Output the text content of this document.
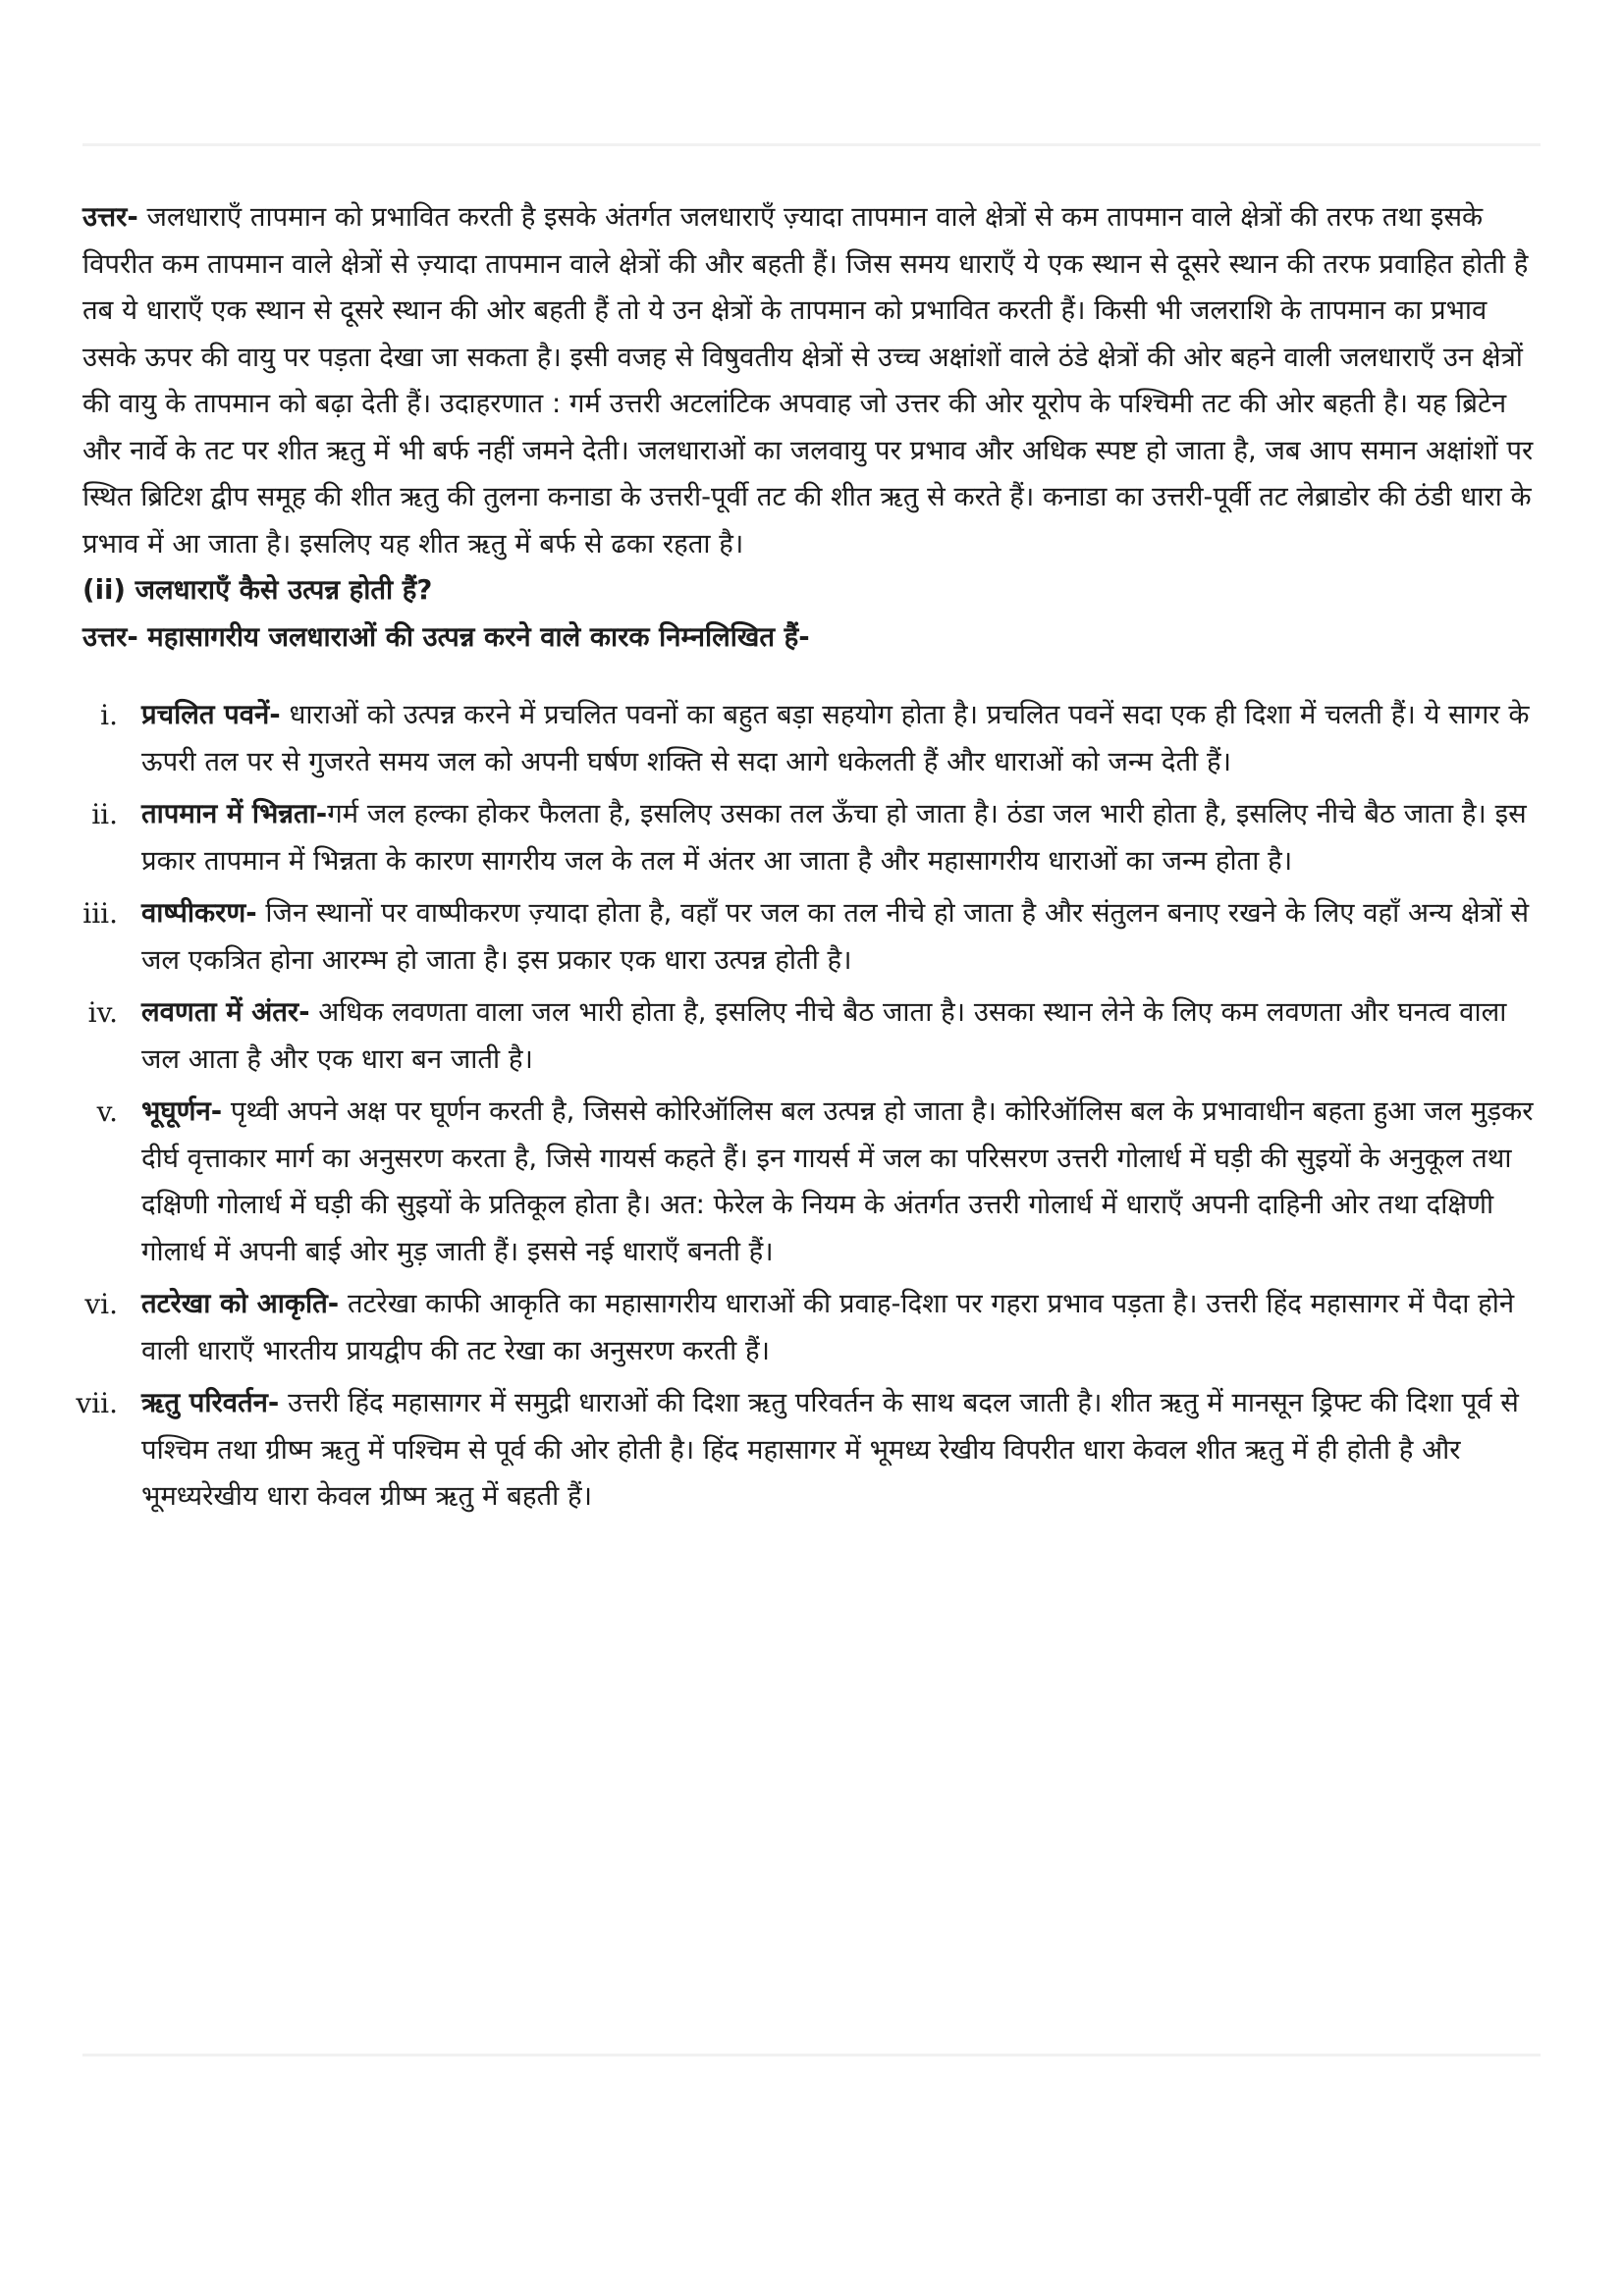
उत्तर- जलधाराएँ तापमान को प्रभावित करती है इसके अंतर्गत जलधाराएँ ज़्यादा तापमान वाले क्षेत्रों से कम तापमान वाले क्षेत्रों की तरफ तथा इसके विपरीत कम तापमान वाले क्षेत्रों से ज़्यादा तापमान वाले क्षेत्रों की और बहती हैं। जिस समय धाराएँ ये एक स्थान से दूसरे स्थान की तरफ प्रवाहित होती है तब ये धाराएँ एक स्थान से दूसरे स्थान की ओर बहती हैं तो ये उन क्षेत्रों के तापमान को प्रभावित करती हैं। किसी भी जलराशि के तापमान का प्रभाव उसके ऊपर की वायु पर पड़ता देखा जा सकता है। इसी वजह से विषुवतीय क्षेत्रों से उच्च अक्षांशों वाले ठंडे क्षेत्रों की ओर बहने वाली जलधाराएँ उन क्षेत्रों की वायु के तापमान को बढ़ा देती हैं। उदाहरणात : गर्म उत्तरी अटलांटिक अपवाह जो उत्तर की ओर यूरोप के पश्चिमी तट की ओर बहती है। यह ब्रिटेन और नार्वे के तट पर शीत ऋतु में भी बर्फ नहीं जमने देती। जलधाराओं का जलवायु पर प्रभाव और अधिक स्पष्ट हो जाता है, जब आप समान अक्षांशों पर स्थित ब्रिटिश द्वीप समूह की शीत ऋतु की तुलना कनाडा के उत्तरी-पूर्वी तट की शीत ऋतु से करते हैं। कनाडा का उत्तरी-पूर्वी तट लेब्राडोर की ठंडी धारा के प्रभाव में आ जाता है। इसलिए यह शीत ऋतु में बर्फ से ढका रहता है।

(ii) जलधाराएँ कैसे उत्पन्न होती हैं?

उत्तर- महासागरीय जलधाराओं की उत्पन्न करने वाले कारक निम्नलिखित हैं-

i. प्रचलित पवनें- धाराओं को उत्पन्न करने में प्रचलित पवनों का बहुत बड़ा सहयोग होता है। प्रचलित पवनें सदा एक ही दिशा में चलती हैं। ये सागर के ऊपरी तल पर से गुजरते समय जल को अपनी घर्षण शक्ति से सदा आगे धकेलती हैं और धाराओं को जन्म देती हैं।
ii. तापमान में भिन्नता-गर्म जल हल्का होकर फैलता है, इसलिए उसका तल ऊँचा हो जाता है। ठंडा जल भारी होता है, इसलिए नीचे बैठ जाता है। इस प्रकार तापमान में भिन्नता के कारण सागरीय जल के तल में अंतर आ जाता है और महासागरीय धाराओं का जन्म होता है।
iii. वाष्पीकरण- जिन स्थानों पर वाष्पीकरण ज़्यादा होता है, वहाँ पर जल का तल नीचे हो जाता है और संतुलन बनाए रखने के लिए वहाँ अन्य क्षेत्रों से जल एकत्रित होना आरम्भ हो जाता है। इस प्रकार एक धारा उत्पन्न होती है।
iv. लवणता में अंतर- अधिक लवणता वाला जल भारी होता है, इसलिए नीचे बैठ जाता है। उसका स्थान लेने के लिए कम लवणता और घनत्व वाला जल आता है और एक धारा बन जाती है।
v. भूघूर्णन- पृथ्वी अपने अक्ष पर घूर्णन करती है, जिससे कोरिऑलिस बल उत्पन्न हो जाता है। कोरिऑलिस बल के प्रभावाधीन बहता हुआ जल मुड़कर दीर्घ वृत्ताकार मार्ग का अनुसरण करता है, जिसे गायर्स कहते हैं। इन गायर्स में जल का परिसरण उत्तरी गोलार्ध में घड़ी की सुइयों के अनुकूल तथा दक्षिणी गोलार्ध में घड़ी की सुइयों के प्रतिकूल होता है। अत: फेरेल के नियम के अंतर्गत उत्तरी गोलार्ध में धाराएँ अपनी दाहिनी ओर तथा दक्षिणी गोलार्ध में अपनी बाई ओर मुड़ जाती हैं। इससे नई धाराएँ बनती हैं।
vi. तटरेखा को आकृति- तटरेखा काफी आकृति का महासागरीय धाराओं की प्रवाह-दिशा पर गहरा प्रभाव पड़ता है। उत्तरी हिंद महासागर में पैदा होने वाली धाराएँ भारतीय प्रायद्वीप की तट रेखा का अनुसरण करती हैं।
vii. ऋतु परिवर्तन- उत्तरी हिंद महासागर में समुद्री धाराओं की दिशा ऋतु परिवर्तन के साथ बदल जाती है। शीत ऋतु में मानसून ड्रिफ्ट की दिशा पूर्व से पश्चिम तथा ग्रीष्म ऋतु में पश्चिम से पूर्व की ओर होती है। हिंद महासागर में भूमध्य रेखीय विपरीत धारा केवल शीत ऋतु में ही होती है और भूमध्यरेखीय धारा केवल ग्रीष्म ऋतु में बहती हैं।
